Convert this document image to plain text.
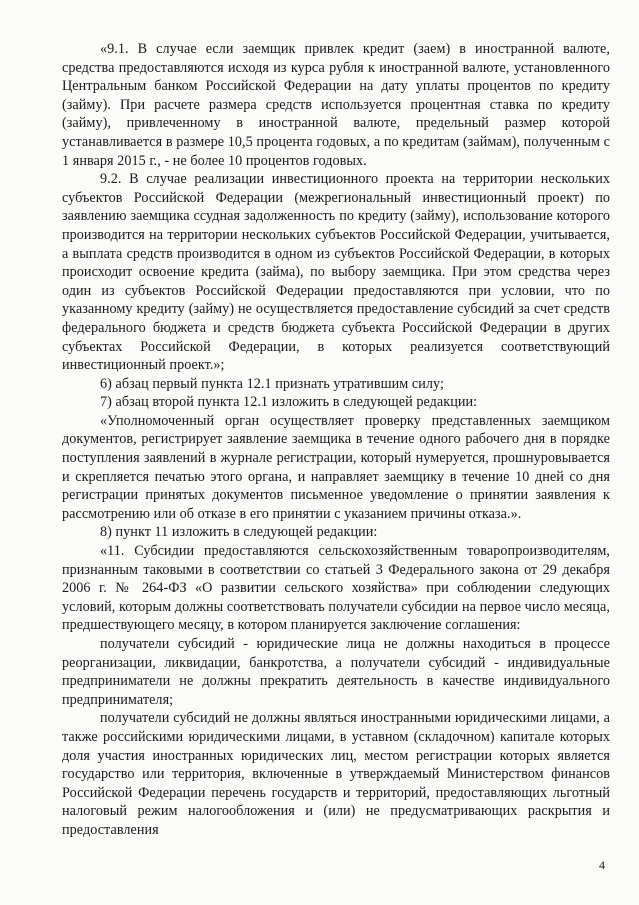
«9.1. В случае если заемщик привлек кредит (заем) в иностранной валюте, средства предоставляются исходя из курса рубля к иностранной валюте, установленного Центральным банком Российской Федерации на дату уплаты процентов по кредиту (займу). При расчете размера средств используется процентная ставка по кредиту (займу), привлеченному в иностранной валюте, предельный размер которой устанавливается в размере 10,5 процента годовых, а по кредитам (займам), полученным с 1 января 2015 г., - не более 10 процентов годовых.

9.2. В случае реализации инвестиционного проекта на территории нескольких субъектов Российской Федерации (межрегиональный инвестиционный проект) по заявлению заемщика ссудная задолженность по кредиту (займу), использование которого производится на территории нескольких субъектов Российской Федерации, учитывается, а выплата средств производится в одном из субъектов Российской Федерации, в которых происходит освоение кредита (займа), по выбору заемщика. При этом средства через один из субъектов Российской Федерации предоставляются при условии, что по указанному кредиту (займу) не осуществляется предоставление субсидий за счет средств федерального бюджета и средств бюджета субъекта Российской Федерации в других субъектах Российской Федерации, в которых реализуется соответствующий инвестиционный проект.»;

6) абзац первый пункта 12.1 признать утратившим силу;

7) абзац второй пункта 12.1 изложить в следующей редакции:

«Уполномоченный орган осуществляет проверку представленных заемщиком документов, регистрирует заявление заемщика в течение одного рабочего дня в порядке поступления заявлений в журнале регистрации, который нумеруется, прошнуровывается и скрепляется печатью этого органа, и направляет заемщику в течение 10 дней со дня регистрации принятых документов письменное уведомление о принятии заявления к рассмотрению или об отказе в его принятии с указанием причины отказа.».

8) пункт 11 изложить в следующей редакции:

«11. Субсидии предоставляются сельскохозяйственным товаропроизводителям, признанным таковыми в соответствии со статьей 3 Федерального закона от 29 декабря 2006 г. № 264-ФЗ «О развитии сельского хозяйства» при соблюдении следующих условий, которым должны соответствовать получатели субсидии на первое число месяца, предшествующего месяцу, в котором планируется заключение соглашения:

получатели субсидий - юридические лица не должны находиться в процессе реорганизации, ликвидации, банкротства, а получатели субсидий - индивидуальные предприниматели не должны прекратить деятельность в качестве индивидуального предпринимателя;

получатели субсидий не должны являться иностранными юридическими лицами, а также российскими юридическими лицами, в уставном (складочном) капитале которых доля участия иностранных юридических лиц, местом регистрации которых является государство или территория, включенные в утверждаемый Министерством финансов Российской Федерации перечень государств и территорий, предоставляющих льготный налоговый режим налогообложения и (или) не предусматривающих раскрытия и предоставления

4
